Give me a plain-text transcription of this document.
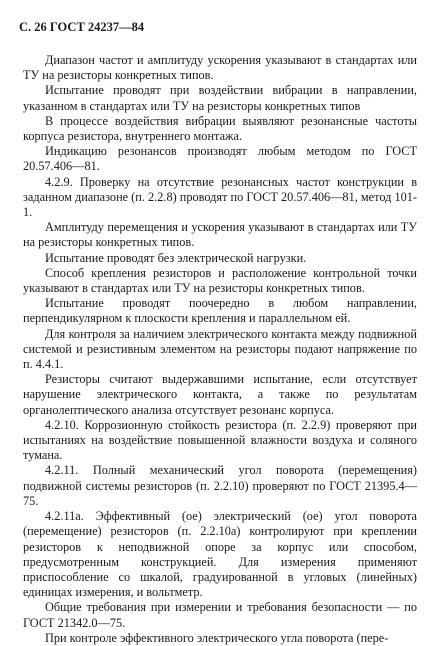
С. 26 ГОСТ 24237—84

Диапазон частот и амплитуду ускорения указывают в стандартах или ТУ на резисторы конкретных типов.

Испытание проводят при воздействии вибрации в направлении, указанном в стандартах или ТУ на резисторы конкретных типов

В процессе воздействия вибрации выявляют резонансные частоты корпуса резистора, внутреннего монтажа.

Индикацию резонансов производят любым методом по ГОСТ 20.57.406—81.

4.2.9. Проверку на отсутствие резонансных частот конструкции в заданном диапазоне (п. 2.2.8) проводят по ГОСТ 20.57.406—81, метод 101-1.

Амплитуду перемещения и ускорения указывают в стандартах или ТУ на резисторы конкретных типов.

Испытание проводят без электрической нагрузки.

Способ крепления резисторов и расположение контрольной точки указывают в стандартах или ТУ на резисторы конкретных типов.

Испытание проводят поочередно в любом направлении, перпендикулярном к плоскости крепления и параллельном ей.

Для контроля за наличием электрического контакта между подвижной системой и резистивным элементом на резисторы подают напряжение по п. 4.4.1.

Резисторы считают выдержавшими испытание, если отсутствует нарушение электрического контакта, а также по результатам органолептического анализа отсутствует резонанс корпуса.

4.2.10. Коррозионную стойкость резистора (п. 2.2.9) проверяют при испытаниях на воздействие повышенной влажности воздуха и соляного тумана.

4.2.11. Полный механический угол поворота (перемещения) подвижной системы резисторов (п. 2.2.10) проверяют по ГОСТ 21395.4—75.

4.2.11а. Эффективный (ое) электрический (ое) угол поворота (перемещение) резисторов (п. 2.2.10а) контролируют при креплении резисторов к неподвижной опоре за корпус или способом, предусмотренным конструкцией. Для измерения применяют приспособление со шкалой, градуированной в угловых (линейных) единицах измерения, и вольтметр.

Общие требования при измерении и требования безопасности — по ГОСТ 21342.0—75.

При контроле эффективного электрического угла поворота (пере-
